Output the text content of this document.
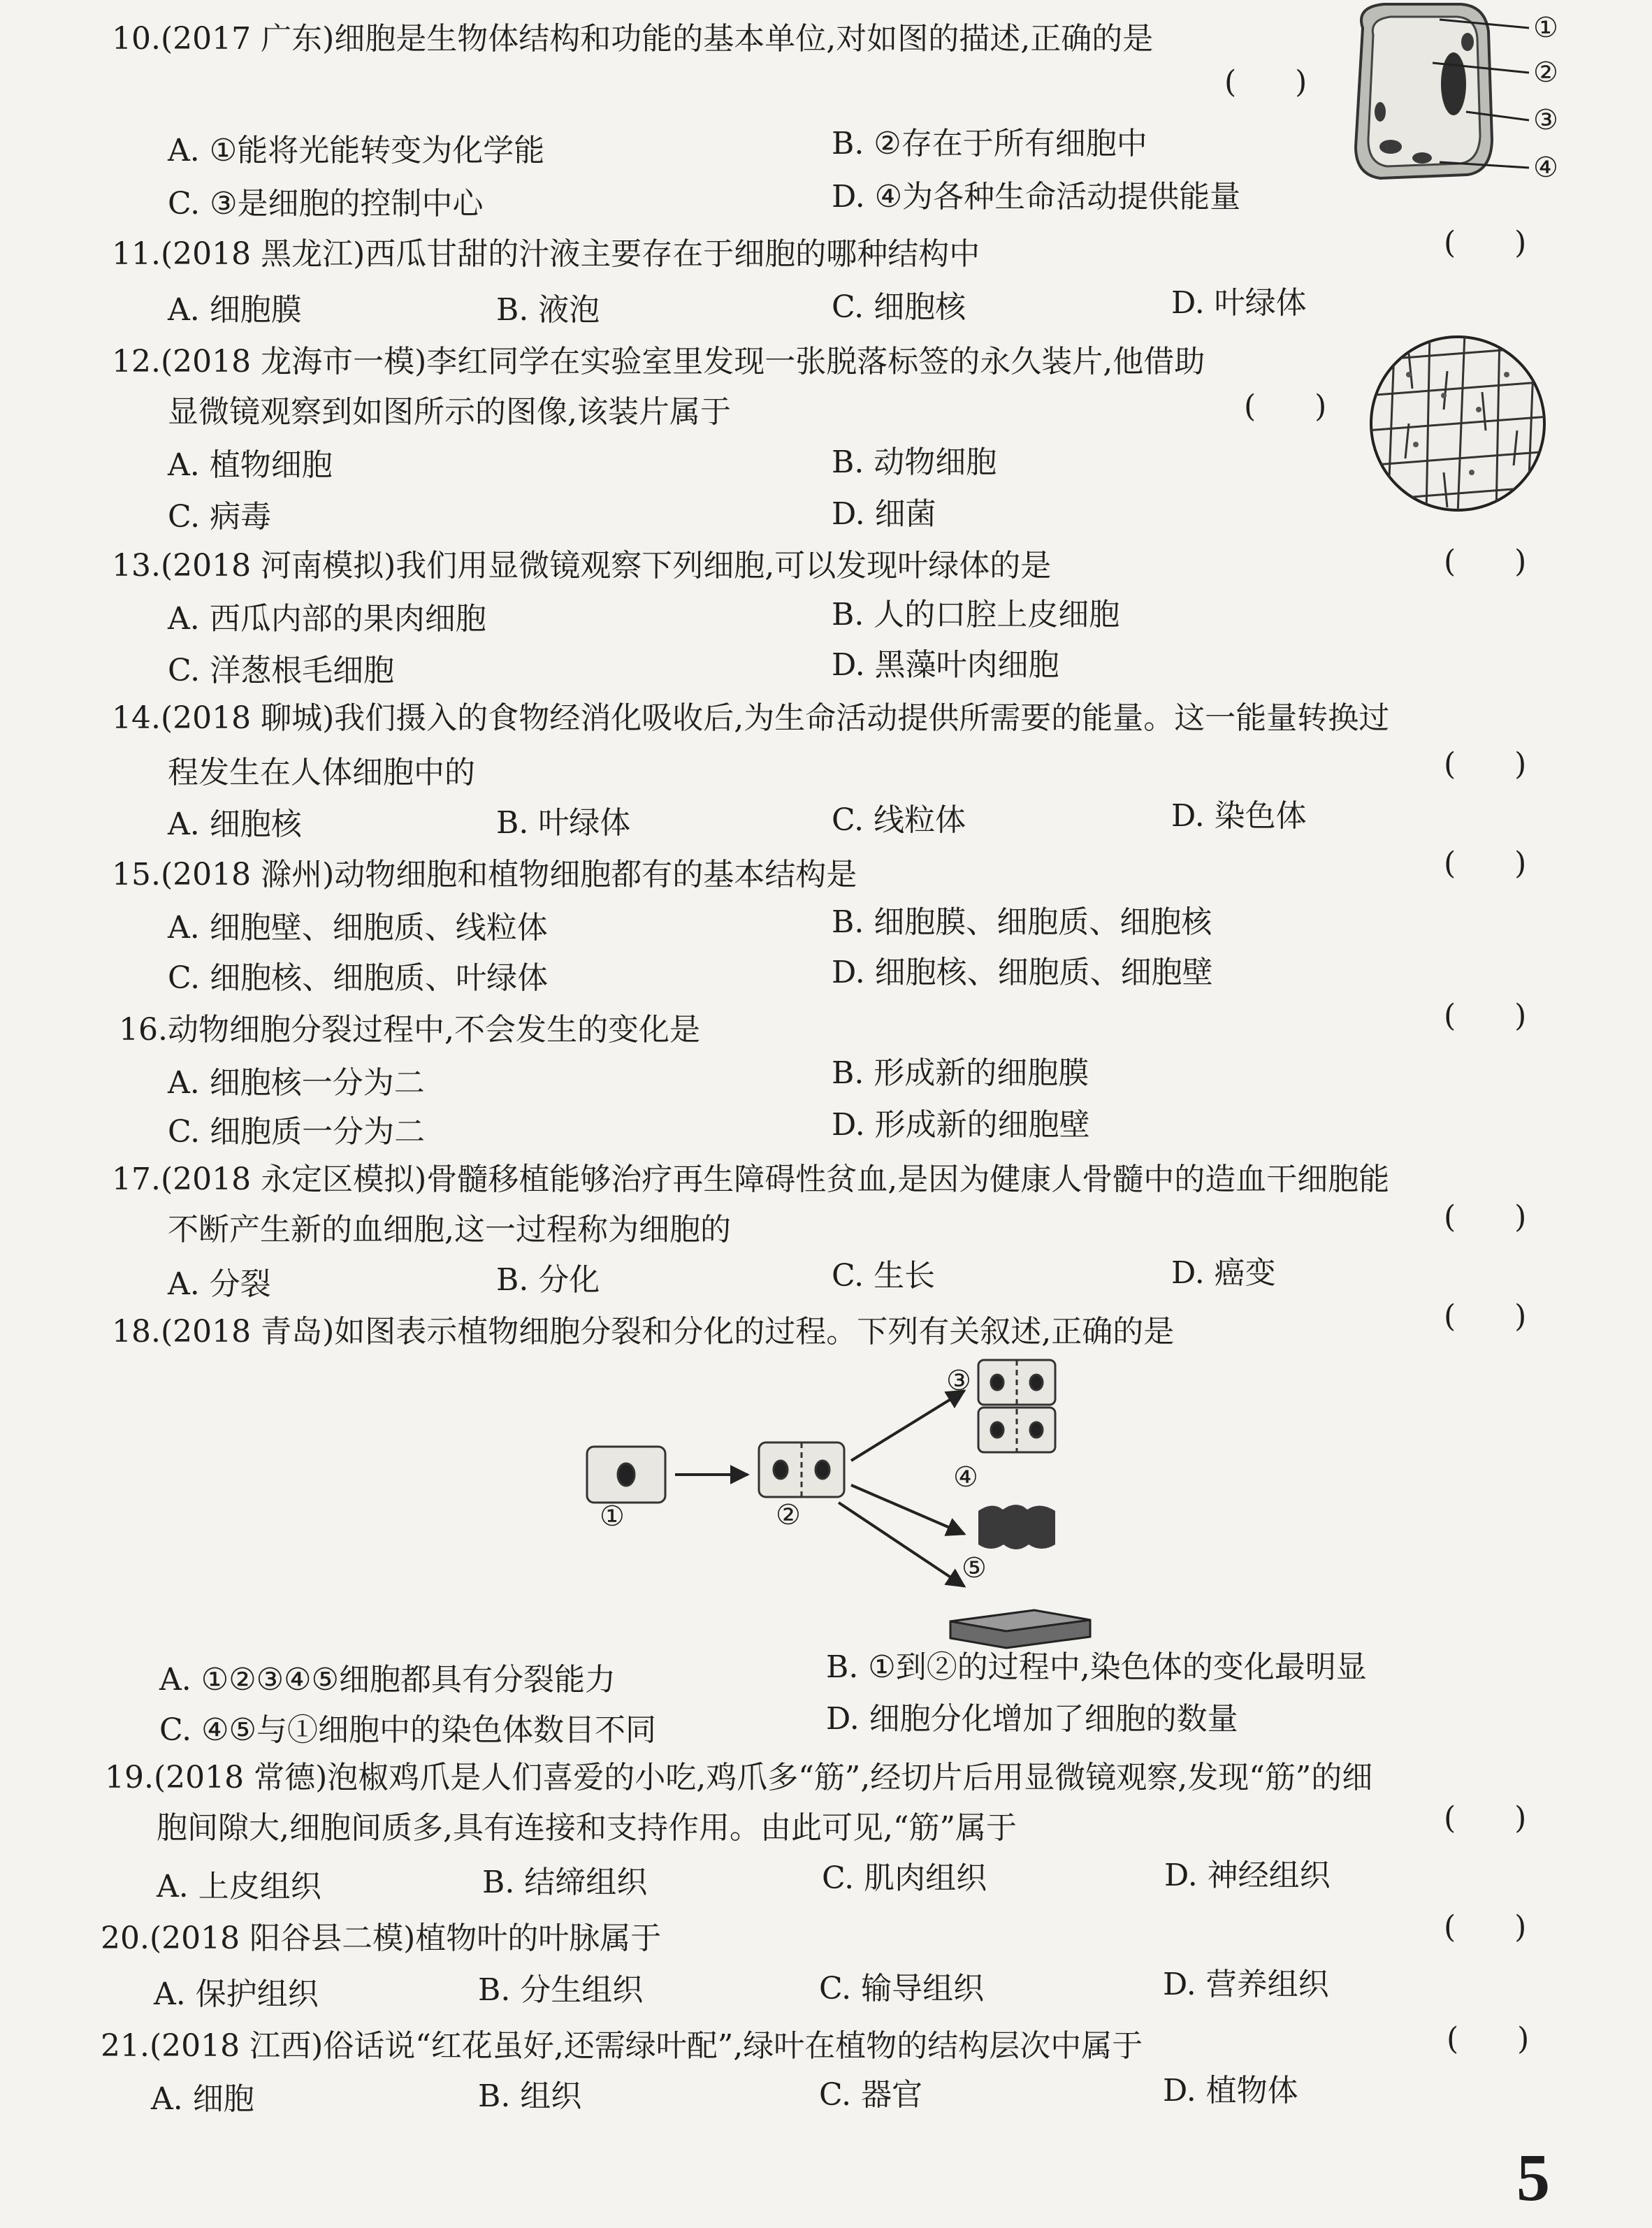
10.(2017 广东)细胞是生物体结构和功能的基本单位,对如图的描述,正确的是
(      )
A. ①能将光能转变为化学能	B. ②存在于所有细胞中
C. ③是细胞的控制中心	D. ④为各种生命活动提供能量
①
②
③
④
11.(2018 黑龙江)西瓜甘甜的汁液主要存在于细胞的哪种结构中	(      )
A. 细胞膜	B. 液泡	C. 细胞核	D. 叶绿体
12.(2018 龙海市一模)李红同学在实验室里发现一张脱落标签的永久装片,他借助
显微镜观察到如图所示的图像,该装片属于	(      )
A. 植物细胞	B. 动物细胞
C. 病毒	D. 细菌
13.(2018 河南模拟)我们用显微镜观察下列细胞,可以发现叶绿体的是	(      )
A. 西瓜内部的果肉细胞	B. 人的口腔上皮细胞
C. 洋葱根毛细胞	D. 黑藻叶肉细胞
14.(2018 聊城)我们摄入的食物经消化吸收后,为生命活动提供所需要的能量。这一能量转换过
程发生在人体细胞中的	(      )
A. 细胞核	B. 叶绿体	C. 线粒体	D. 染色体
15.(2018 滁州)动物细胞和植物细胞都有的基本结构是	(      )
A. 细胞壁、细胞质、线粒体	B. 细胞膜、细胞质、细胞核
C. 细胞核、细胞质、叶绿体	D. 细胞核、细胞质、细胞壁
16.动物细胞分裂过程中,不会发生的变化是	(      )
A. 细胞核一分为二	B. 形成新的细胞膜
C. 细胞质一分为二	D. 形成新的细胞壁
17.(2018 永定区模拟)骨髓移植能够治疗再生障碍性贫血,是因为健康人骨髓中的造血干细胞能
不断产生新的血细胞,这一过程称为细胞的	(      )
A. 分裂	B. 分化	C. 生长	D. 癌变
18.(2018 青岛)如图表示植物细胞分裂和分化的过程。下列有关叙述,正确的是	(      )
①	②
③
④
⑤
A. ①②③④⑤细胞都具有分裂能力	B. ①到②的过程中,染色体的变化最明显
C. ④⑤与①细胞中的染色体数目不同	D. 细胞分化增加了细胞的数量
19.(2018 常德)泡椒鸡爪是人们喜爱的小吃,鸡爪多“筋”,经切片后用显微镜观察,发现“筋”的细
胞间隙大,细胞间质多,具有连接和支持作用。由此可见,“筋”属于	(      )
A. 上皮组织	B. 结缔组织	C. 肌肉组织	D. 神经组织
20.(2018 阳谷县二模)植物叶的叶脉属于	(      )
A. 保护组织	B. 分生组织	C. 输导组织	D. 营养组织
21.(2018 江西)俗话说“红花虽好,还需绿叶配”,绿叶在植物的结构层次中属于	(      )
A. 细胞	B. 组织	C. 器官	D. 植物体
5
